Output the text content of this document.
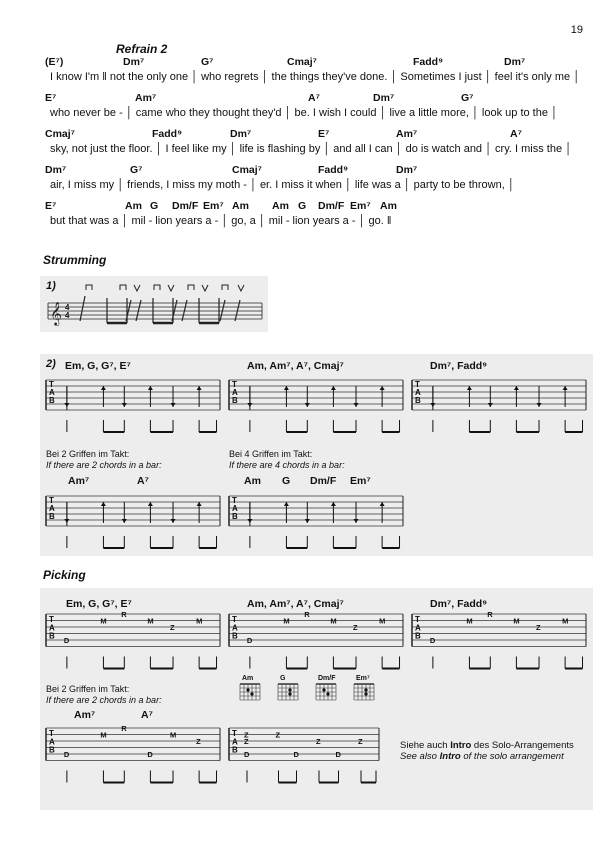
19
Refrain 2
(E⁷)	Dm⁷	G⁷	Cmaj⁷	Fadd⁹	Dm⁷
I know I'm ‖ not the only one │ who regrets │ the things they've done. │ Sometimes I just │ feel it's only me │
E⁷	Am⁷	A⁷	Dm⁷	G⁷
who never be - │ came who they thought they'd │ be. I wish I could │ live a little more, │ look up to the │
Cmaj⁷	Fadd⁹	Dm⁷	E⁷	Am⁷	A⁷
sky, not just the floor. │ I feel like my │ life is flashing by │ and all I can │ do is watch and │ cry. I miss the │
Dm⁷	G⁷	Cmaj⁷	Fadd⁹	Dm⁷
air, I miss my │ friends, I miss my moth - │ er. I miss it when │ life was a │ party to be thrown, │
E⁷	Am G Dm/F Em⁷ Am Am G Dm/F Em⁷ Am
but that was a │ mil - lion years a - │ go, a │ mil - lion years a - │ go. ‖
Strumming
1)
𝄞 4
4
2) Em, G, G⁷, E⁷	Am, Am⁷, A⁷, Cmaj⁷	Dm⁷, Fadd⁹
T
A
B
T
A
B
T
A
B
T
A
B
T
A
B
Bei 2 Griffen im Takt:
If there are 2 chords in a bar:
Bei 4 Griffen im Takt:
If there are 4 chords in a bar:
Am⁷	A⁷	Am G Dm/F Em⁷
Picking
Em, G, G⁷, E⁷	Am, Am⁷, A⁷, Cmaj⁷	Dm⁷, Fadd⁹
T
A
B D
M
R
M
Z
M	T
A
B D
M
R
M
Z
M	T
A
B D
M
R
M
Z
M
T
A
B D
M
R
D
M
Z
T
A
B
Z
Z
D
Z
D
Z
D
Z
Am	G	Dm/F	Em⁷
Bei 2 Griffen im Takt:
If there are 2 chords in a bar:
Am⁷	A⁷
Siehe auch Intro des Solo-Arrangements
See also Intro of the solo arrangement
